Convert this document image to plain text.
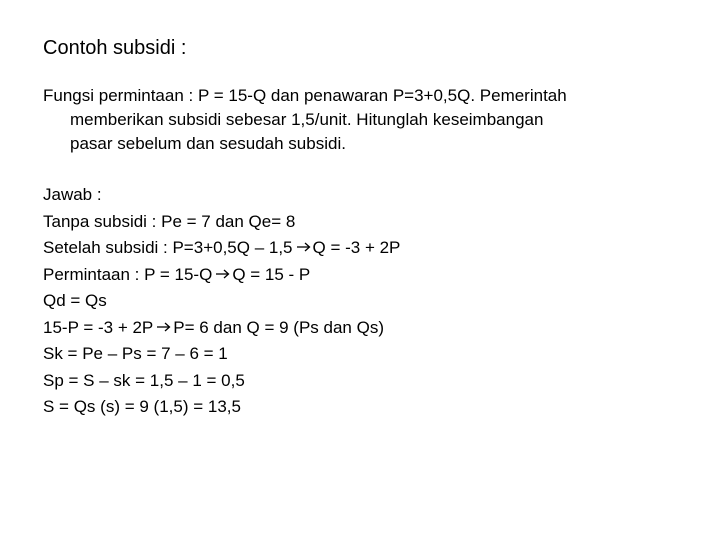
Contoh subsidi :
Fungsi permintaan : P = 15-Q dan penawaran P=3+0,5Q. Pemerintah
memberikan subsidi sebesar 1,5/unit. Hitunglah keseimbangan
pasar sebelum dan sesudah subsidi.
Jawab :
Tanpa subsidi : Pe = 7 dan Qe= 8
Setelah subsidi : P=3+0,5Q – 1,5 Q = -3 + 2P
Permintaan : P = 15-Q Q = 15 - P
Qd = Qs
15-P = -3 + 2P P= 6 dan Q = 9 (Ps dan Qs)
Sk = Pe – Ps = 7 – 6 = 1
Sp = S – sk = 1,5 – 1 = 0,5
S = Qs (s) = 9 (1,5) = 13,5
